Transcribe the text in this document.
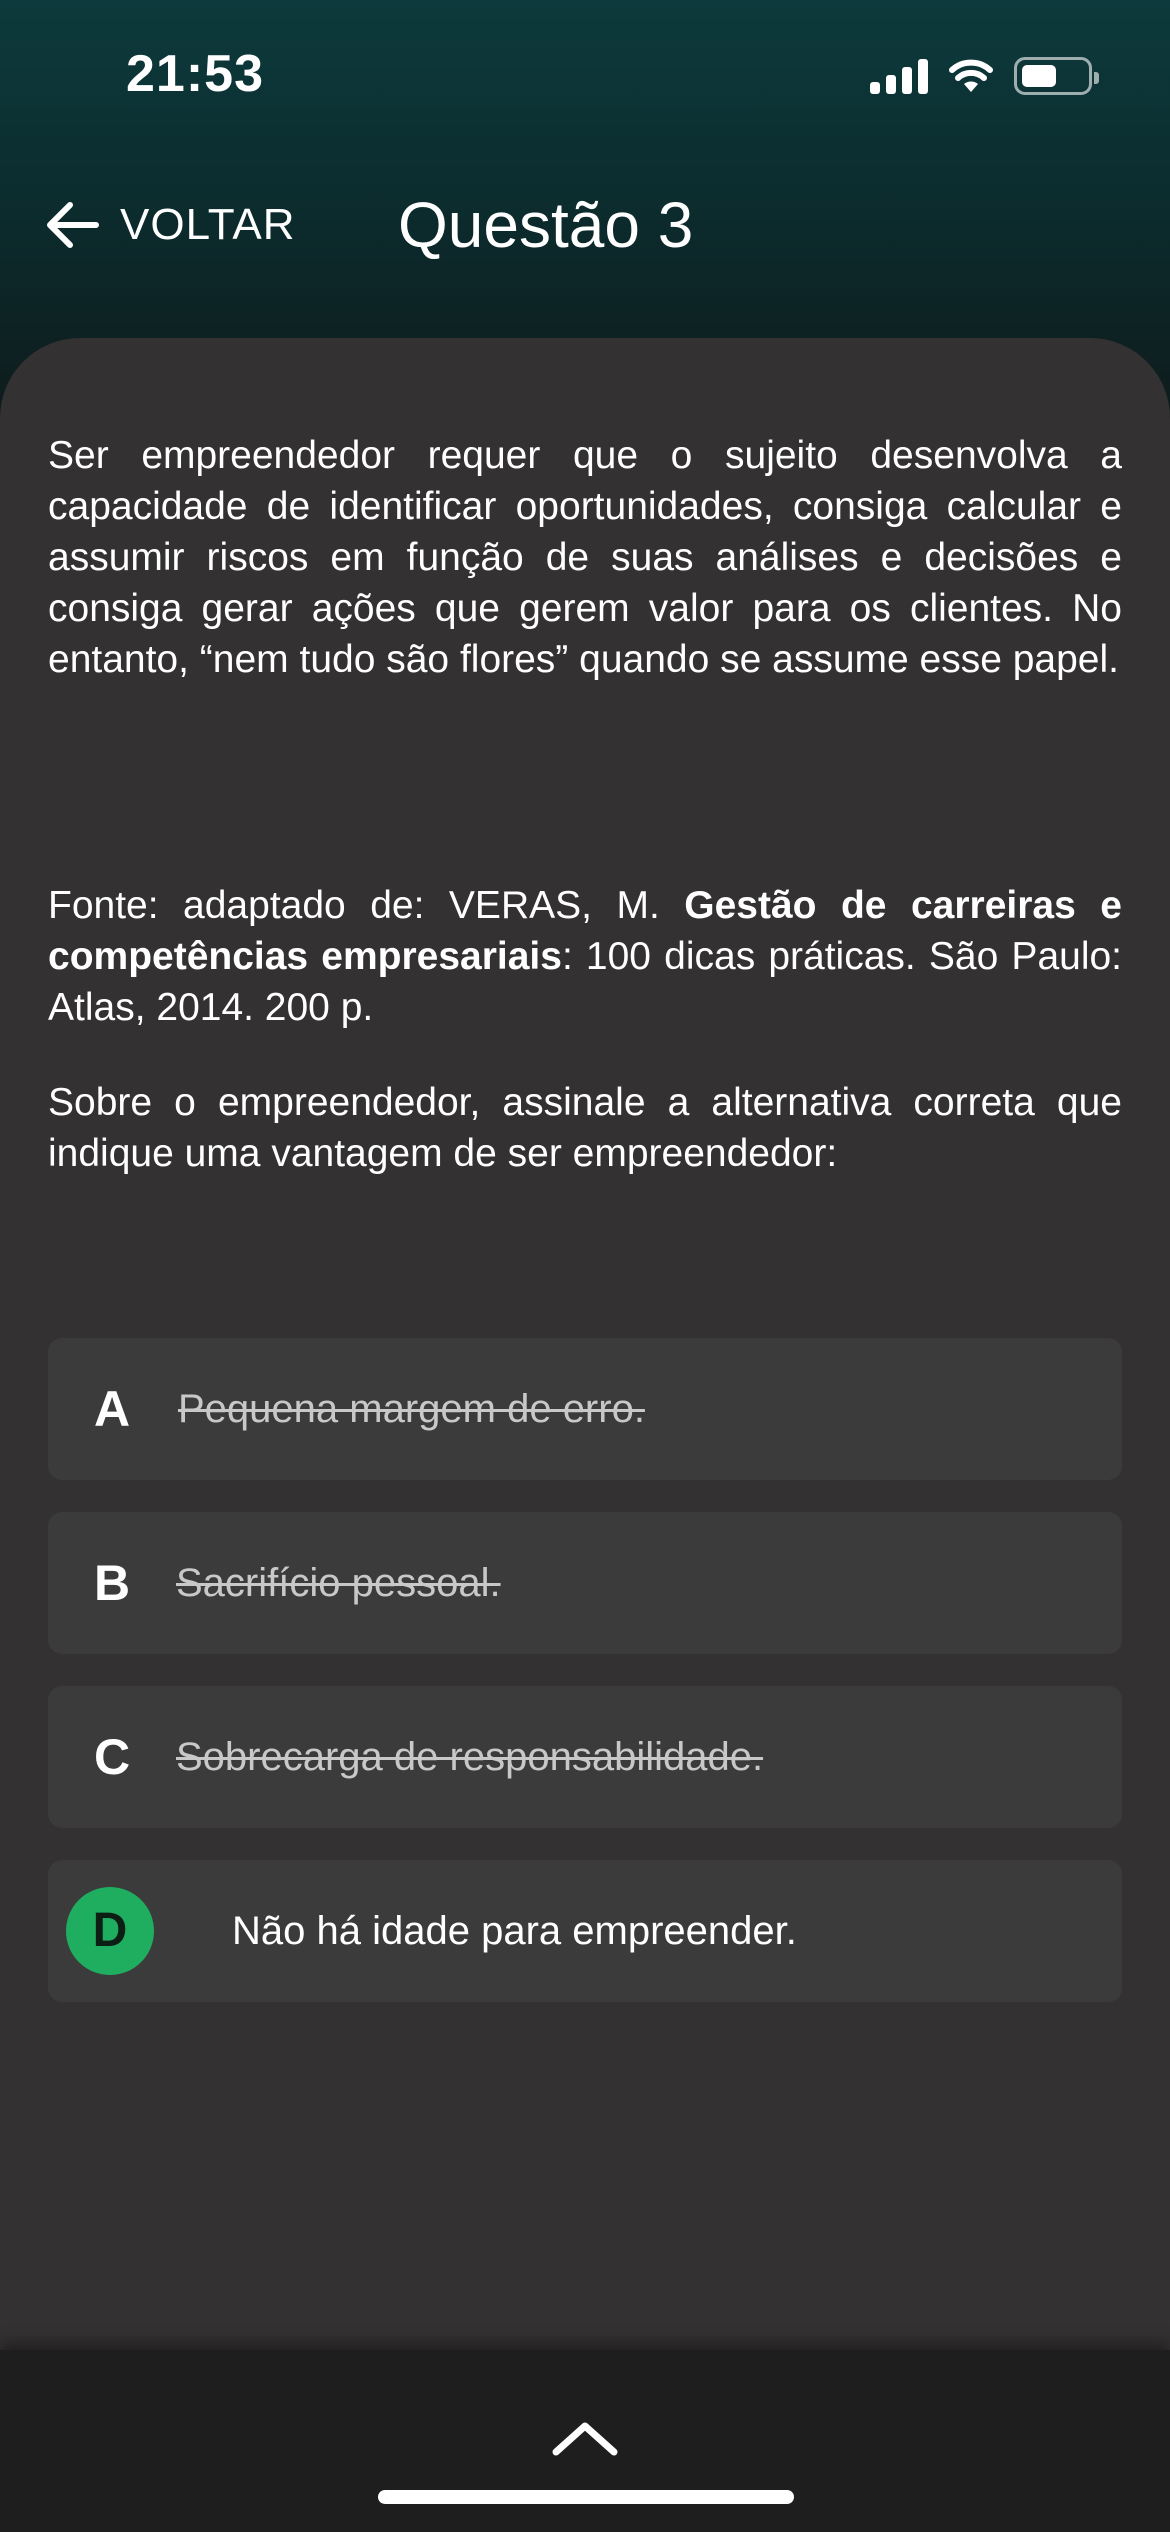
21:53
VOLTAR Questão 3

Ser empreendedor requer que o sujeito desenvolva a capacidade de identificar oportunidades, consiga calcular e assumir riscos em função de suas análises e decisões e consiga gerar ações que gerem valor para os clientes. No entanto, “nem tudo são flores” quando se assume esse papel.

Fonte: adaptado de: VERAS, M. Gestão de carreiras e competências empresariais: 100 dicas práticas. São Paulo: Atlas, 2014. 200 p.

Sobre o empreendedor, assinale a alternativa correta que indique uma vantagem de ser empreendedor:

A Pequena margem de erro.
B Sacrifício pessoal.
C Sobrecarga de responsabilidade.
D	Não há idade para empreender.
